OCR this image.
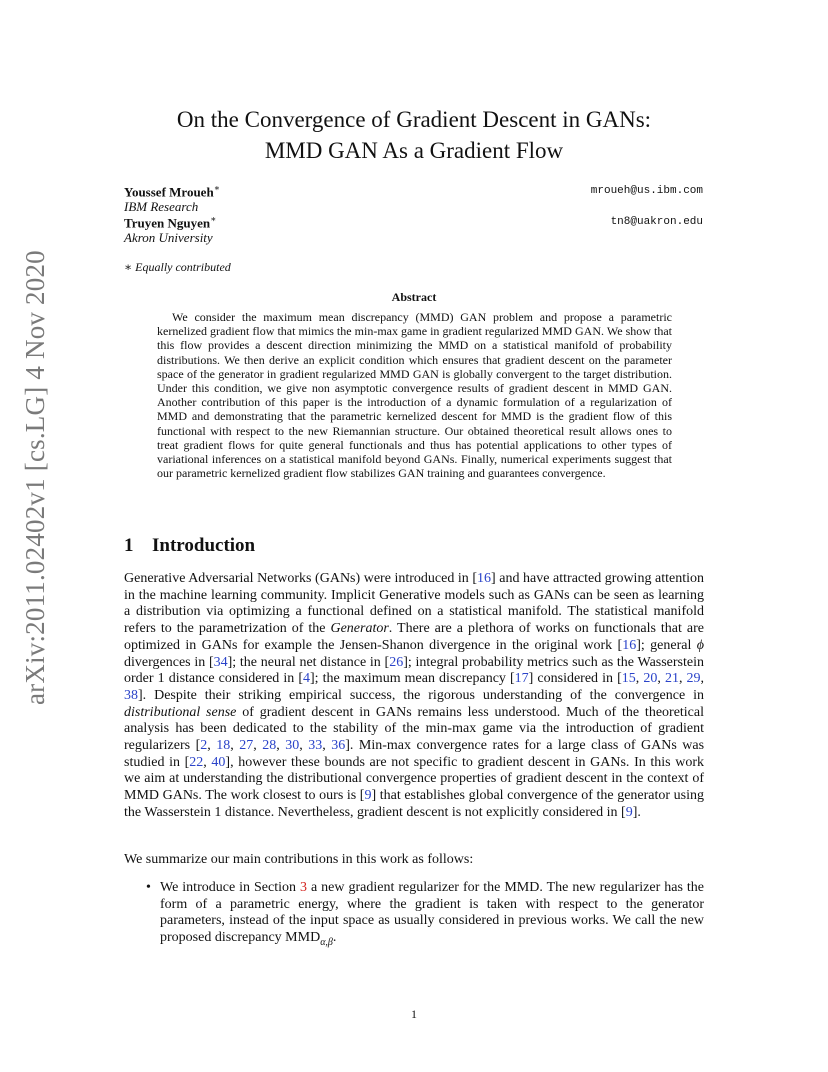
arXiv:2011.02402v1 [cs.LG] 4 Nov 2020
On the Convergence of Gradient Descent in GANs:
MMD GAN As a Gradient Flow
Youssef Mroueh∗	mroueh@us.ibm.com
IBM Research
Truyen Nguyen∗	tn8@uakron.edu
Akron University
∗ Equally contributed
Abstract

We consider the maximum mean discrepancy (MMD) GAN problem and propose a parametric kernelized gradient flow that mimics the min-max game in gradient regularized MMD GAN. We show that this flow provides a descent direction minimizing the MMD on a statistical manifold of probability distributions. We then derive an explicit condition which ensures that gradient descent on the parameter space of the generator in gradient regularized MMD GAN is globally convergent to the target distribution. Under this condition, we give non asymptotic convergence results of gradient descent in MMD GAN. Another contribution of this paper is the introduction of a dynamic formulation of a regularization of MMD and demonstrating that the parametric kernelized descent for MMD is the gradient flow of this functional with respect to the new Riemannian structure. Our obtained theoretical result allows ones to treat gradient flows for quite general functionals and thus has potential applications to other types of variational inferences on a statistical manifold beyond GANs. Finally, numerical experiments suggest that our parametric kernelized gradient flow stabilizes GAN training and guarantees convergence.

1 Introduction

Generative Adversarial Networks (GANs) were introduced in [16] and have attracted growing attention in the machine learning community. Implicit Generative models such as GANs can be seen as learning a distribution via optimizing a functional defined on a statistical manifold. The statistical manifold refers to the parametrization of the Generator. There are a plethora of works on functionals that are optimized in GANs for example the Jensen-Shanon divergence in the original work [16]; general ϕ divergences in [34]; the neural net distance in [26]; integral probability metrics such as the Wasserstein order 1 distance considered in [4]; the maximum mean discrepancy [17] considered in [15, 20, 21, 29, 38]. Despite their striking empirical success, the rigorous understanding of the convergence in distributional sense of gradient descent in GANs remains less understood. Much of the theoretical analysis has been dedicated to the stability of the min-max game via the introduction of gradient regularizers [2, 18, 27, 28, 30, 33, 36]. Min-max convergence rates for a large class of GANs was studied in [22, 40], however these bounds are not specific to gradient descent in GANs. In this work we aim at understanding the distributional convergence properties of gradient descent in the context of MMD GANs. The work closest to ours is [9] that establishes global convergence of the generator using the Wasserstein 1 distance. Nevertheless, gradient descent is not explicitly considered in [9].

We summarize our main contributions in this work as follows:

• We introduce in Section 3 a new gradient regularizer for the MMD. The new regularizer has the form of a parametric energy, where the gradient is taken with respect to the generator parameters, instead of the input space as usually considered in previous works. We call the new proposed discrepancy $MMD_{\alpha,\beta}$.

1
